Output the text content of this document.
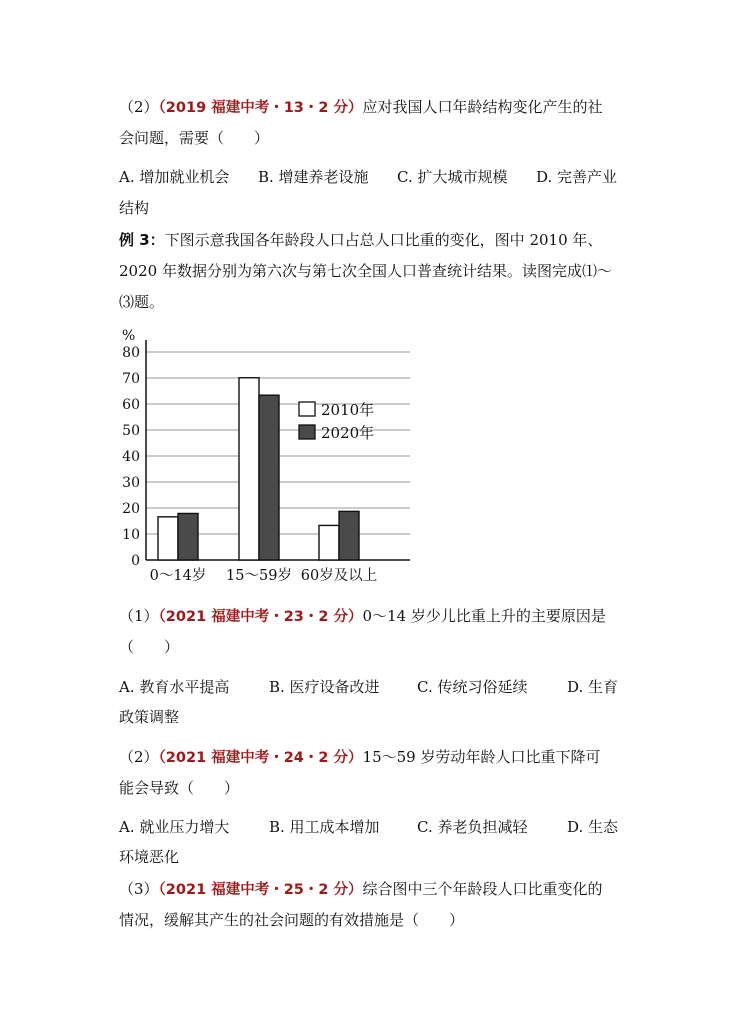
（2）（2019 福建中考・13・2 分）应对我国人口年龄结构变化产生的社
会问题，需要（　　）
A. 增加就业机会 B. 增建养老设施 C. 扩大城市规模 D. 完善产业
结构
例 3：下图示意我国各年龄段人口占总人口比重的变化，图中 2010 年、
2020 年数据分别为第六次与第七次全国人口普查统计结果。读图完成⑴～
⑶题。
0
10
20
30
40
50
60
70
80
%
0～14岁 15～59岁 60岁及以上
2010年
2020年
（1）（2021 福建中考・23・2 分）0～14 岁少儿比重上升的主要原因是
（　　）
A. 教育水平提高	B. 医疗设备改进 C. 传统习俗延续	D. 生育
政策调整
（2）（2021 福建中考・24・2 分）15～59 岁劳动年龄人口比重下降可
能会导致（　　）
A. 就业压力增大	B. 用工成本增加 C. 养老负担减轻	D. 生态
环境恶化
（3）（2021 福建中考・25・2 分）综合图中三个年龄段人口比重变化的
情况，缓解其产生的社会问题的有效措施是（　　）
